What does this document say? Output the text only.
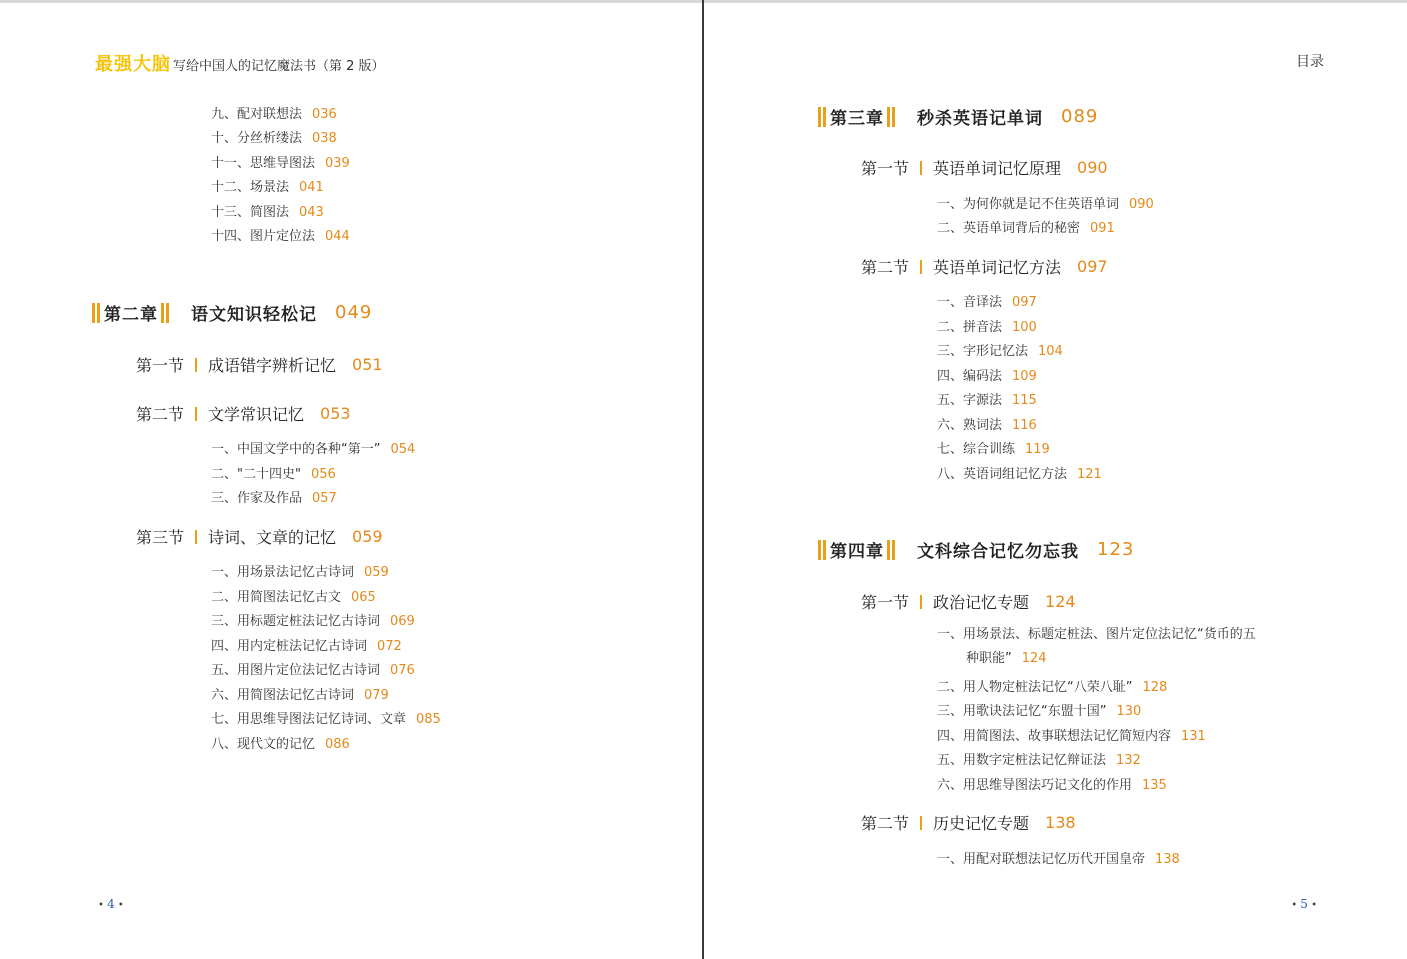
最强大脑 写给中国人的记忆魔法书（第 2 版）
九、配对联想法 036
十、分丝析缕法 038
十一、思维导图法 039
十二、场景法 041
十三、简图法 043
十四、图片定位法 044
第二章 语文知识轻松记 049
第一节 成语错字辨析记忆 051
第二节 文学常识记忆 053
一、中国文学中的各种“第一” 054
二、"二十四史" 056
三、作家及作品 057
第三节 诗词、文章的记忆 059
一、用场景法记忆古诗词 059
二、用简图法记忆古文 065
三、用标题定桩法记忆古诗词 069
四、用内定桩法记忆古诗词 072
五、用图片定位法记忆古诗词 076
六、用简图法记忆古诗词 079
七、用思维导图法记忆诗词、文章 085
八、现代文的记忆 086
• 4 •
目录
第三章 秒杀英语记单词 089
第一节 英语单词记忆原理 090
一、为何你就是记不住英语单词 090
二、英语单词背后的秘密 091
第二节 英语单词记忆方法 097
一、音译法 097
二、拼音法 100
三、字形记忆法 104
四、编码法 109
五、字源法 115
六、熟词法 116
七、综合训练 119
八、英语词组记忆方法 121
第四章 文科综合记忆勿忘我 123
第一节 政治记忆专题 124
一、用场景法、标题定桩法、图片定位法记忆“货币的五
种职能” 124
二、用人物定桩法记忆“八荣八耻” 128
三、用歌诀法记忆“东盟十国” 130
四、用简图法、故事联想法记忆简短内容 131
五、用数字定桩法记忆辩证法 132
六、用思维导图法巧记文化的作用 135
第二节 历史记忆专题 138
一、用配对联想法记忆历代开国皇帝 138
• 5 •
